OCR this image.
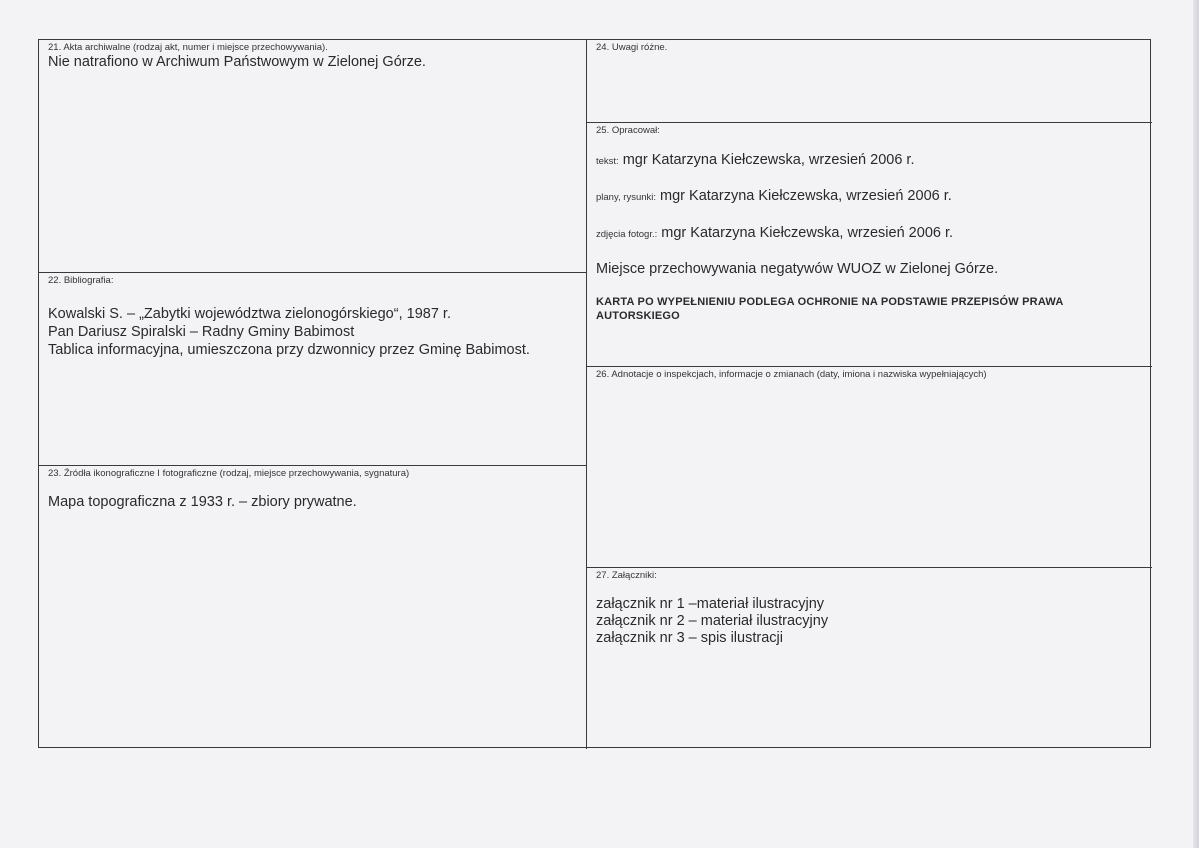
21. Akta archiwalne (rodzaj akt, numer i miejsce przechowywania).
Nie natrafiono w Archiwum Państwowym w Zielonej Górze.
22. Bibliografia:
Kowalski S. – „Zabytki województwa zielonogórskiego“, 1987 r.
Pan Dariusz Spiralski – Radny Gminy Babimost
Tablica informacyjna, umieszczona przy dzwonnicy przez Gminę Babimost.
23. Źródła ikonograficzne I fotograficzne (rodzaj, miejsce przechowywania, sygnatura)
Mapa topograficzna z 1933 r. – zbiory prywatne.
24. Uwagi różne.
25. Opracował:
tekst: mgr Katarzyna Kiełczewska, wrzesień 2006 r.
plany, rysunki: mgr Katarzyna Kiełczewska, wrzesień 2006 r.
zdjęcia fotogr.: mgr Katarzyna Kiełczewska, wrzesień 2006 r.
Miejsce przechowywania negatywów WUOZ w Zielonej Górze.
KARTA PO WYPEŁNIENIU PODLEGA OCHRONIE NA PODSTAWIE PRZEPISÓW PRAWA AUTORSKIEGO
26. Adnotacje o inspekcjach, informacje o zmianach (daty, imiona i nazwiska wypełniających)
27. Załączniki:
załącznik nr 1 –materiał ilustracyjny
załącznik nr 2 – materiał ilustracyjny
załącznik nr 3 – spis ilustracji
